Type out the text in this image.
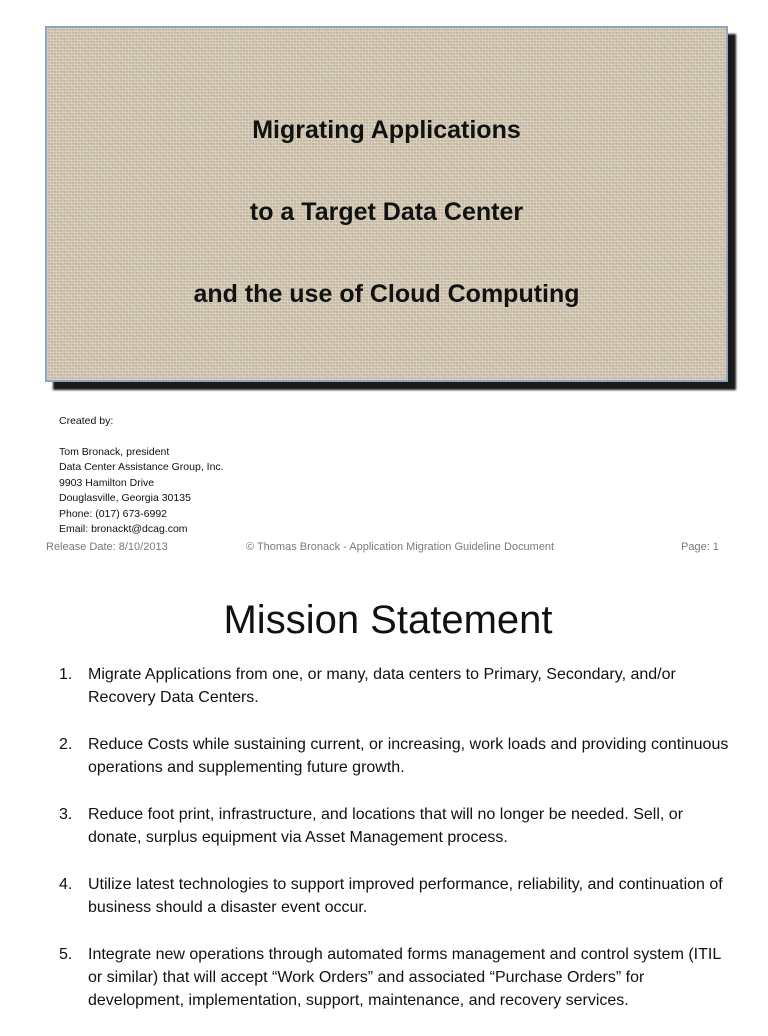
Migrating Applications
to a Target Data Center
and the use of Cloud Computing
Created by:
Tom Bronack, president
Data Center Assistance Group, Inc.
9903 Hamilton Drive
Douglasville, Georgia 30135
Phone: (017) 673-6992
Email: bronackt@dcag.com
Release Date: 8/10/2013	© Thomas Bronack - Application Migration Guideline Document	Page: 1
Mission Statement
1. Migrate Applications from one, or many, data centers to Primary, Secondary, and/or Recovery Data Centers.
2. Reduce Costs while sustaining current, or increasing, work loads and providing continuous operations and supplementing future growth.
3. Reduce foot print, infrastructure, and locations that will no longer be needed. Sell, or donate, surplus equipment via Asset Management process.
4. Utilize latest technologies to support improved performance, reliability, and continuation of business should a disaster event occur.
5. Integrate new operations through automated forms management and control system (ITIL or similar) that will accept “Work Orders” and associated “Purchase Orders” for development, implementation, support, maintenance, and recovery services.
